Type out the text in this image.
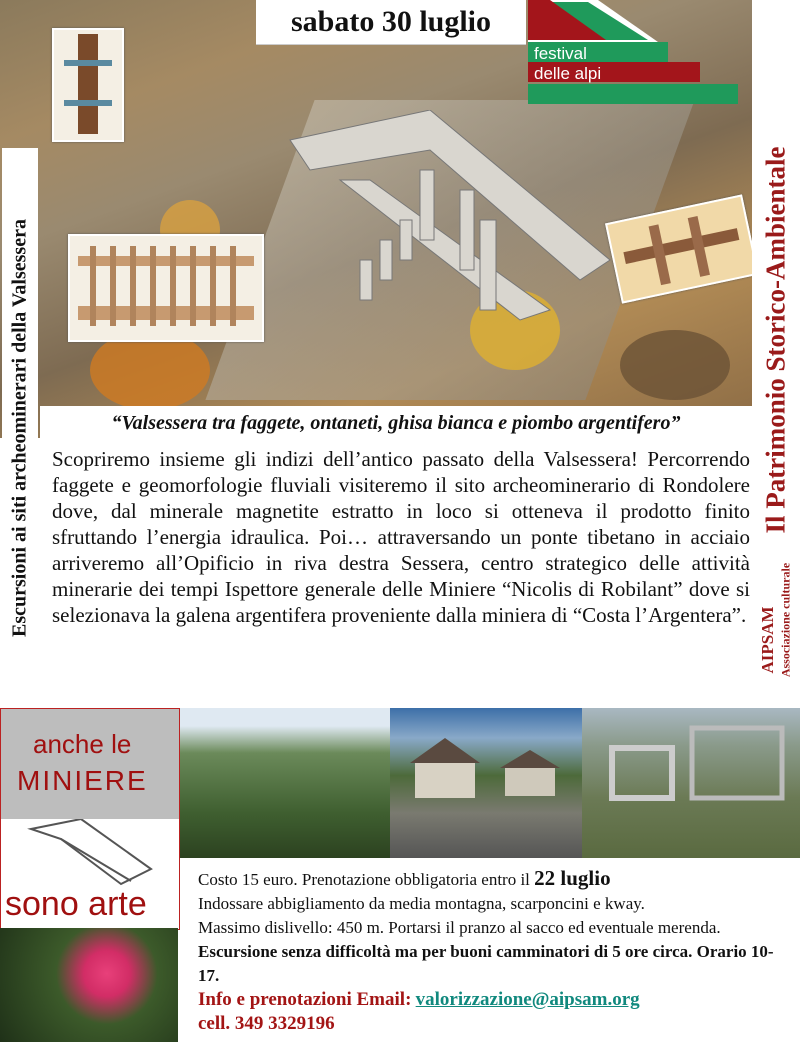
sabato 30 luglio
festival
delle alpi
Escursioni ai siti archeominerari della Valsessera	Il Patrimonio Storico-Ambientale
AIPSAM Associazione culturale
“Valsessera tra faggete, ontaneti, ghisa bianca e piombo argentifero”
Scopriremo insieme gli indizi dell’antico passato della Valsessera! Percorrendo faggete e geomorfologie fluviali visiteremo il sito archeominerario di Rondolere dove, dal minerale magnetite estratto in loco si otteneva il prodotto finito sfruttando l’energia idraulica. Poi… attraversando un ponte tibetano in acciaio arriveremo all’Opificio in riva destra Sessera, centro strategico delle attività minerarie dei tempi Ispettore generale delle Miniere “Nicolis di Robilant” dove si selezionava la galena argentifera proveniente dalla miniera di “Costa l’Argentera”.
anche le
MINIERE
sono arte

Costo 15 euro. Prenotazione obbligatoria entro il 22 luglio

Indossare abbigliamento da media montagna, scarponcini e kway.

Massimo dislivello: 450 m. Portarsi il pranzo al sacco ed eventuale merenda.

Escursione senza difficoltà ma per buoni camminatori di 5 ore circa. Orario 10-17.

Info e prenotazioni Email: valorizzazione@aipsam.org

cell. 349 3329196
